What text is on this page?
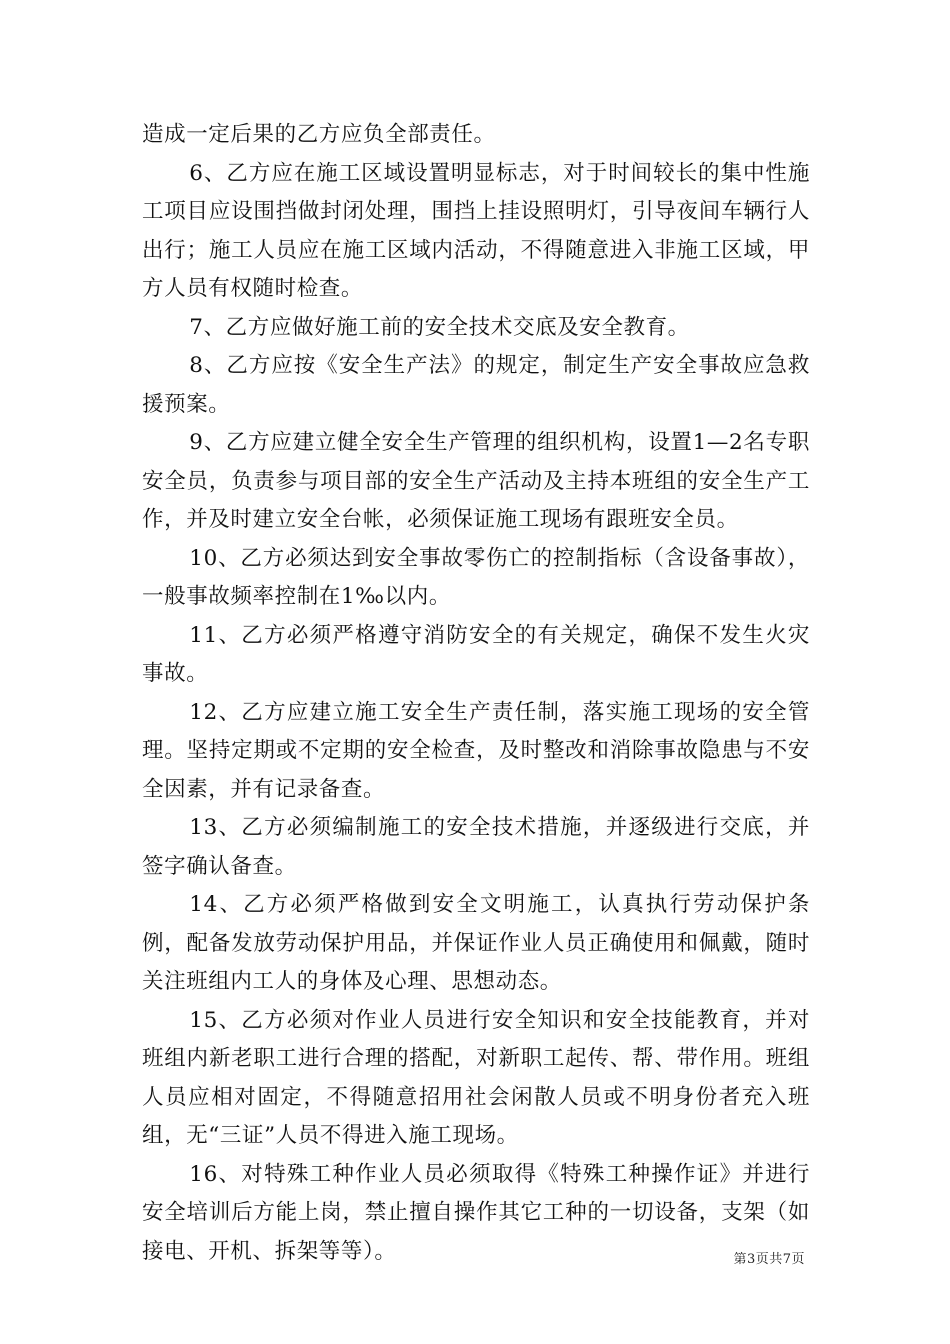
造成一定后果的乙方应负全部责任。

6、乙方应在施工区域设置明显标志，对于时间较长的集中性施工项目应设围挡做封闭处理，围挡上挂设照明灯，引导夜间车辆行人出行；施工人员应在施工区域内活动，不得随意进入非施工区域，甲方人员有权随时检查。

7、乙方应做好施工前的安全技术交底及安全教育。

8、乙方应按《安全生产法》的规定，制定生产安全事故应急救援预案。

9、乙方应建立健全安全生产管理的组织机构，设置1—2名专职安全员，负责参与项目部的安全生产活动及主持本班组的安全生产工作，并及时建立安全台帐，必须保证施工现场有跟班安全员。

10、乙方必须达到安全事故零伤亡的控制指标（含设备事故），一般事故频率控制在1‰以内。

11、乙方必须严格遵守消防安全的有关规定，确保不发生火灾事故。

12、乙方应建立施工安全生产责任制，落实施工现场的安全管理。坚持定期或不定期的安全检查，及时整改和消除事故隐患与不安全因素，并有记录备查。

13、乙方必须编制施工的安全技术措施，并逐级进行交底，并签字确认备查。

14、乙方必须严格做到安全文明施工，认真执行劳动保护条例，配备发放劳动保护用品，并保证作业人员正确使用和佩戴，随时关注班组内工人的身体及心理、思想动态。

15、乙方必须对作业人员进行安全知识和安全技能教育，并对班组内新老职工进行合理的搭配，对新职工起传、帮、带作用。班组人员应相对固定，不得随意招用社会闲散人员或不明身份者充入班组，无“三证”人员不得进入施工现场。

16、对特殊工种作业人员必须取得《特殊工种操作证》并进行安全培训后方能上岗，禁止擅自操作其它工种的一切设备，支架（如接电、开机、拆架等等）。	第3页共7页
